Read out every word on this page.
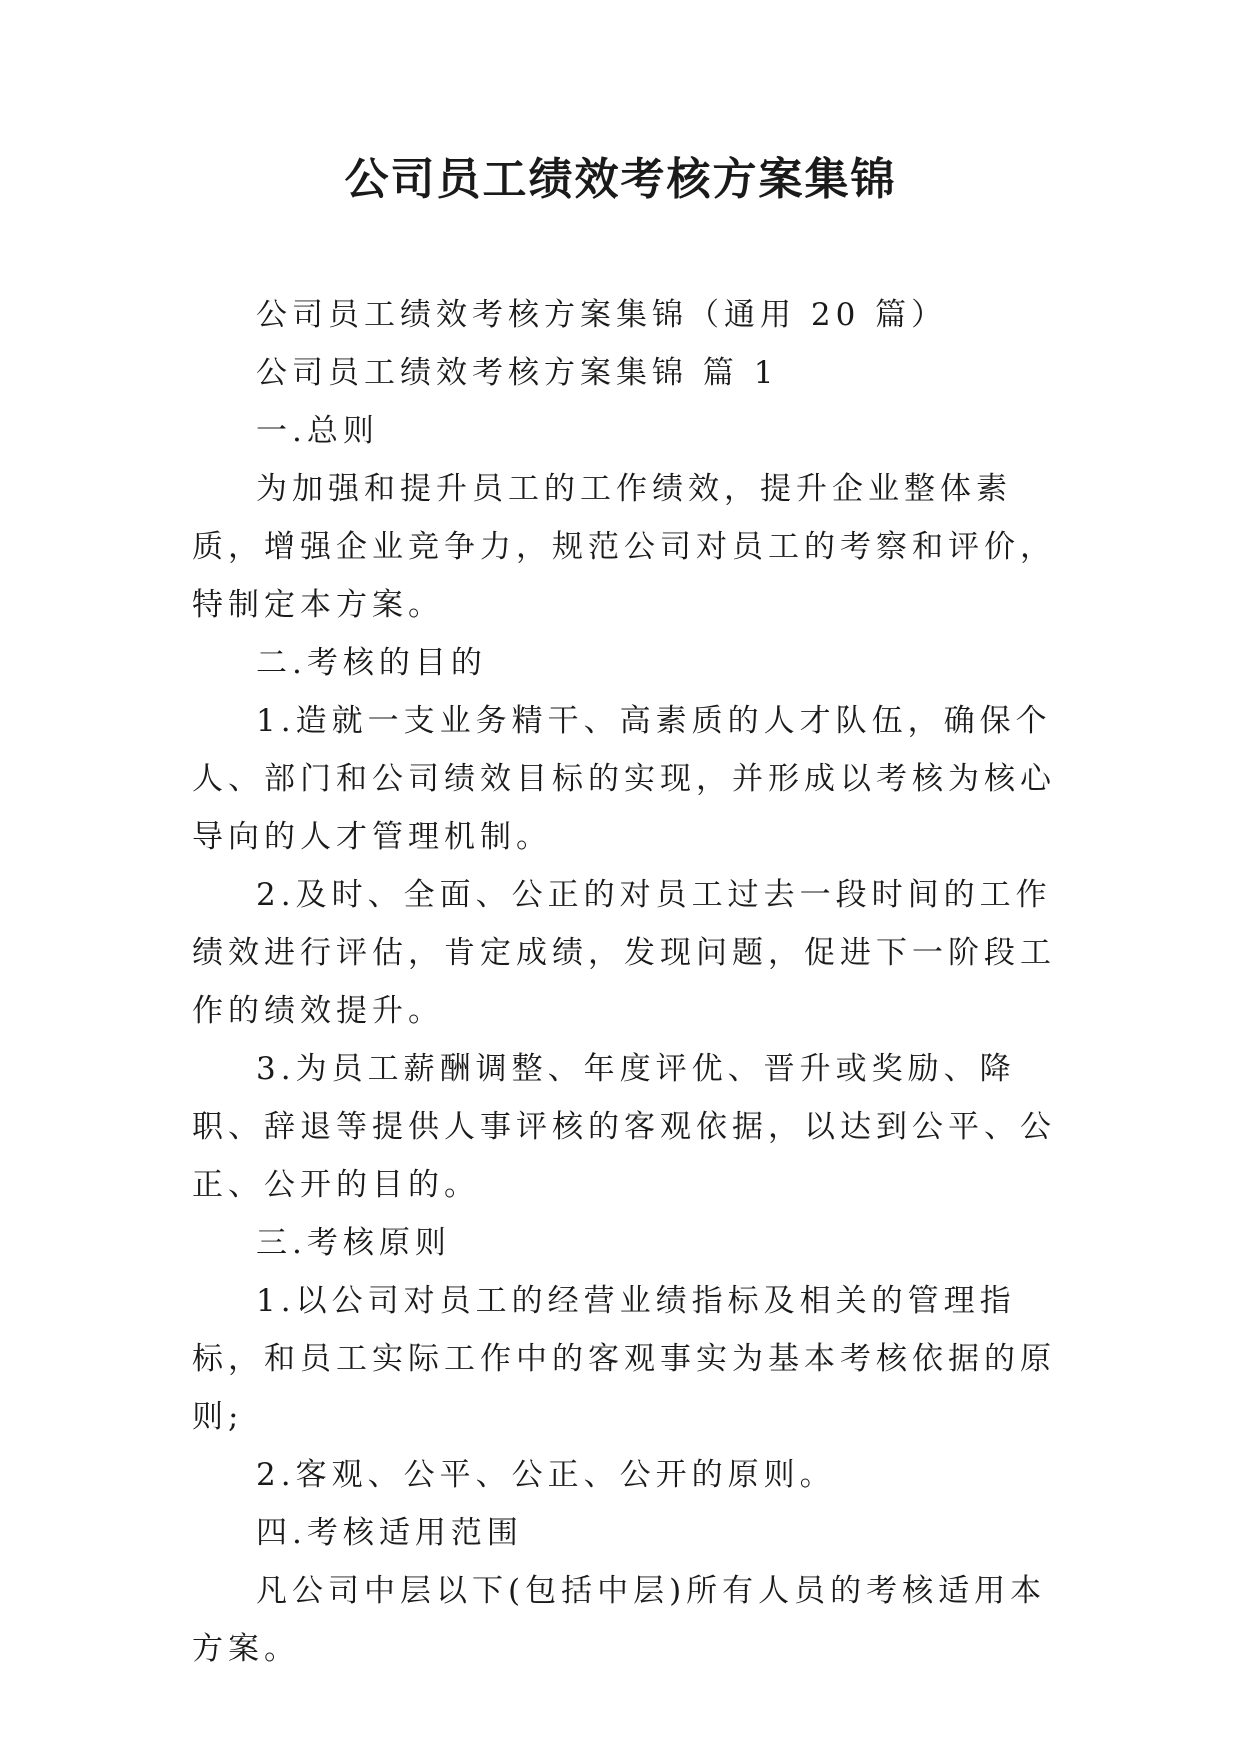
公司员工绩效考核方案集锦

公司员工绩效考核方案集锦（通用 20 篇）

公司员工绩效考核方案集锦 篇 1

一.总则

为加强和提升员工的工作绩效，提升企业整体素质，增强企业竞争力，规范公司对员工的考察和评价，特制定本方案。

二.考核的目的

1.造就一支业务精干、高素质的人才队伍，确保个人、部门和公司绩效目标的实现，并形成以考核为核心导向的人才管理机制。

2.及时、全面、公正的对员工过去一段时间的工作绩效进行评估，肯定成绩，发现问题，促进下一阶段工作的绩效提升。

3.为员工薪酬调整、年度评优、晋升或奖励、降职、辞退等提供人事评核的客观依据，以达到公平、公正、公开的目的。

三.考核原则

1.以公司对员工的经营业绩指标及相关的管理指标，和员工实际工作中的客观事实为基本考核依据的原则;

2.客观、公平、公正、公开的原则。

四.考核适用范围

凡公司中层以下(包括中层)所有人员的考核适用本方案。
